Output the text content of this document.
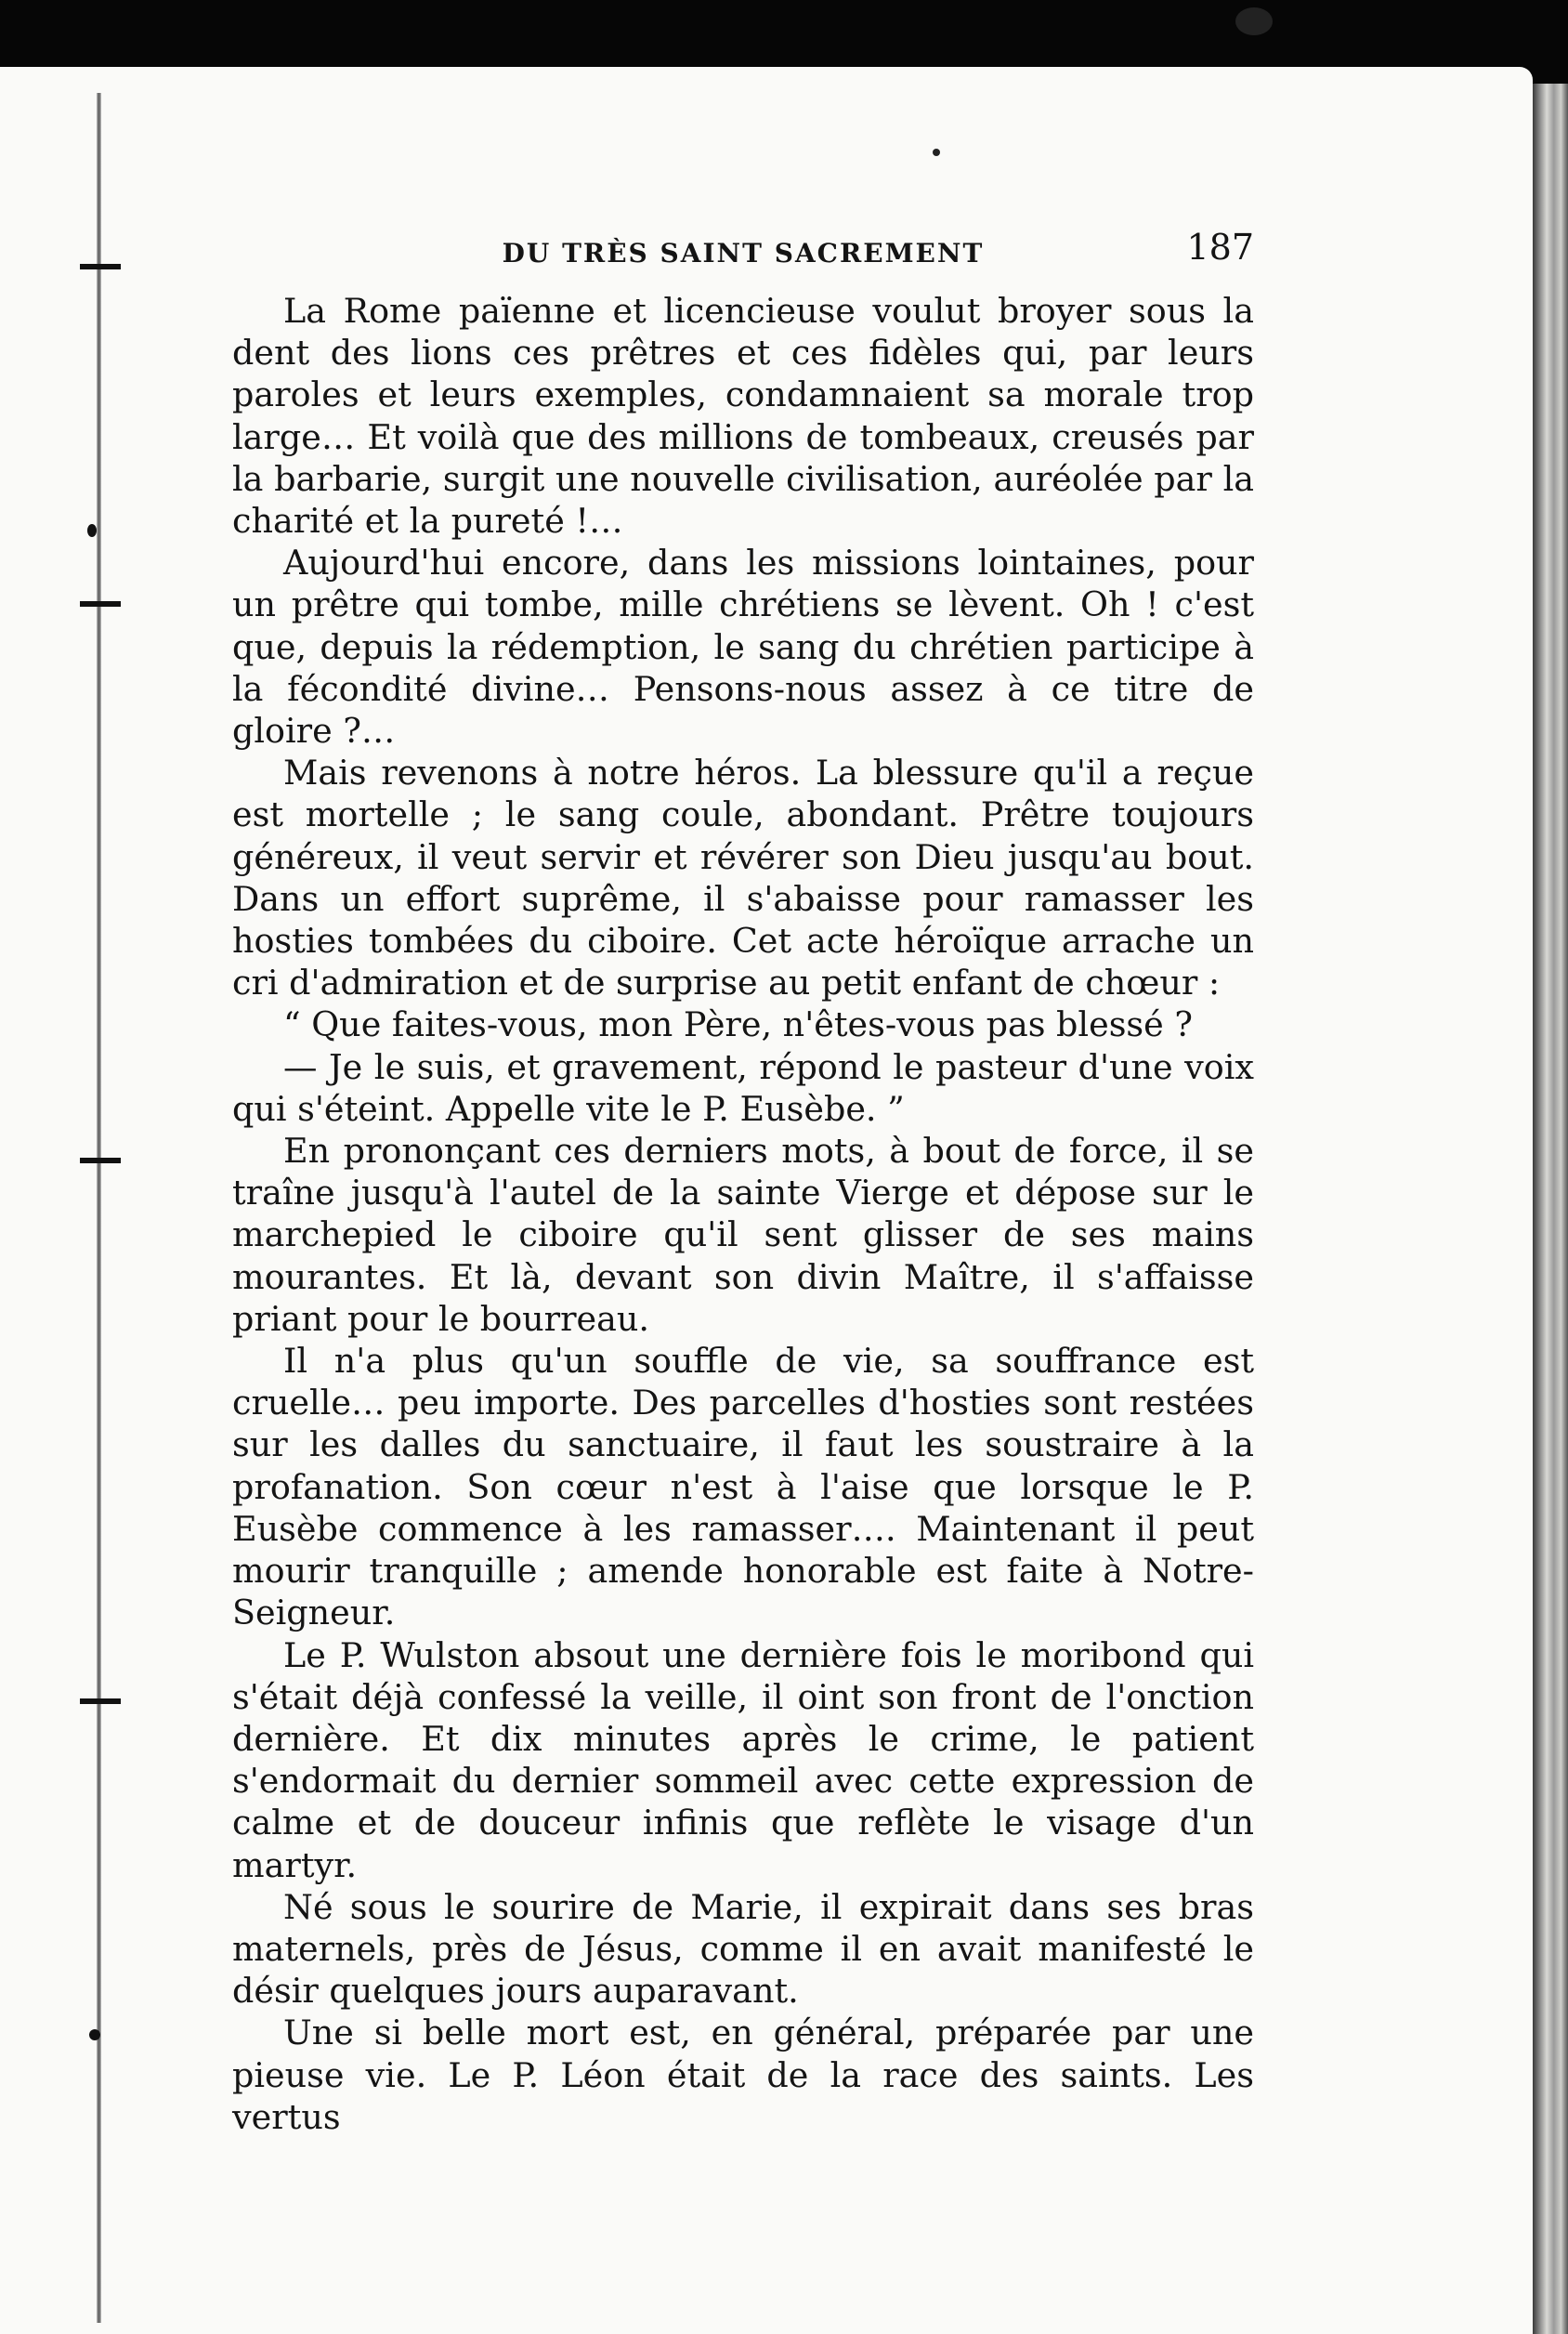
DU TRÈS SAINT SACREMENT	187

La Rome païenne et licencieuse voulut broyer sous la dent des lions ces prêtres et ces fidèles qui, par leurs paroles et leurs exemples, condamnaient sa morale trop large… Et voilà que des millions de tombeaux, creusés par la barbarie, surgit une nouvelle civilisation, auréolée par la charité et la pureté !…

Aujourd'hui encore, dans les missions lointaines, pour un prêtre qui tombe, mille chrétiens se lèvent. Oh ! c'est que, depuis la rédemption, le sang du chrétien participe à la fécondité divine… Pensons-nous assez à ce titre de gloire ?…

Mais revenons à notre héros. La blessure qu'il a reçue est mortelle ; le sang coule, abondant. Prêtre toujours généreux, il veut servir et révérer son Dieu jusqu'au bout. Dans un effort suprême, il s'abaisse pour ramasser les hosties tombées du ciboire. Cet acte héroïque arrache un cri d'admiration et de surprise au petit enfant de chœur :

“ Que faites-vous, mon Père, n'êtes-vous pas blessé ?

— Je le suis, et gravement, répond le pasteur d'une voix qui s'éteint. Appelle vite le P. Eusèbe. ”

En prononçant ces derniers mots, à bout de force, il se traîne jusqu'à l'autel de la sainte Vierge et dépose sur le marchepied le ciboire qu'il sent glisser de ses mains mourantes. Et là, devant son divin Maître, il s'affaisse priant pour le bourreau.

Il n'a plus qu'un souffle de vie, sa souffrance est cruelle… peu importe. Des parcelles d'hosties sont restées sur les dalles du sanctuaire, il faut les soustraire à la profanation. Son cœur n'est à l'aise que lorsque le P. Eusèbe commence à les ramasser…. Maintenant il peut mourir tranquille ; amende honorable est faite à Notre-Seigneur.

Le P. Wulston absout une dernière fois le moribond qui s'était déjà confessé la veille, il oint son front de l'onction dernière. Et dix minutes après le crime, le patient s'endormait du dernier sommeil avec cette expression de calme et de douceur infinis que reflète le visage d'un martyr.

Né sous le sourire de Marie, il expirait dans ses bras maternels, près de Jésus, comme il en avait manifesté le désir quelques jours auparavant.

Une si belle mort est, en général, préparée par une pieuse vie. Le P. Léon était de la race des saints. Les vertus
